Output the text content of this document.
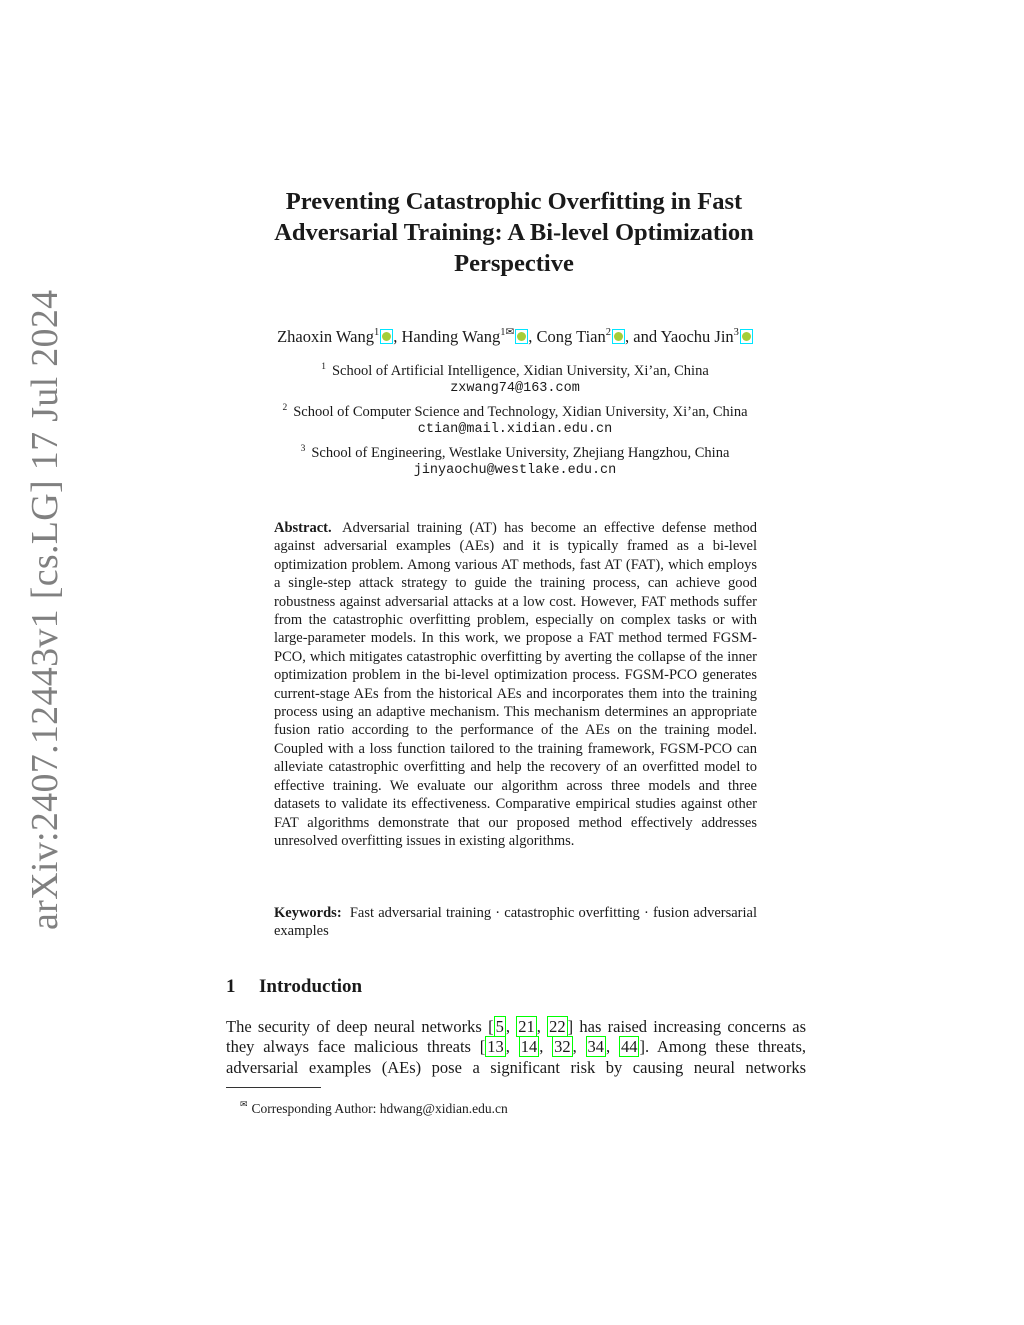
arXiv:2407.12443v1 [cs.LG] 17 Jul 2024
Preventing Catastrophic Overfitting in Fast
Adversarial Training: A Bi-level Optimization
Perspective
Zhaoxin Wang$^1$ , Handing Wang$^{1✉}$ , Cong Tian$^2$ , and Yaochu Jin$^3$
$^1$ School of Artificial Intelligence, Xidian University, Xi’an, China
zxwang74@163.com
$^2$ School of Computer Science and Technology, Xidian University, Xi’an, China
ctian@mail.xidian.edu.cn
$^3$ School of Engineering, Westlake University, Zhejiang Hangzhou, China
jinyaochu@westlake.edu.cn
Abstract. Adversarial training (AT) has become an effective defense method against adversarial examples (AEs) and it is typically framed as a bi-level optimization problem. Among various AT methods, fast AT (FAT), which employs a single-step attack strategy to guide the training process, can achieve good robustness against adversarial attacks at a low cost. However, FAT methods suffer from the catastrophic overfitting problem, especially on complex tasks or with large-parameter models. In this work, we propose a FAT method termed FGSM-PCO, which mitigates catastrophic overfitting by averting the collapse of the inner optimization problem in the bi-level optimization process. FGSM-PCO generates current-stage AEs from the historical AEs and incorporates them into the training process using an adaptive mechanism. This mechanism determines an appropriate fusion ratio according to the performance of the AEs on the training model. Coupled with a loss function tailored to the training framework, FGSM-PCO can alleviate catastrophic overfitting and help the recovery of an overfitted model to effective training. We evaluate our algorithm across three models and three datasets to validate its effectiveness. Comparative empirical studies against other FAT algorithms demonstrate that our proposed method effectively addresses unresolved overfitting issues in existing algorithms.
Keywords: Fast adversarial training · catastrophic overfitting · fusion adversarial examples
1 Introduction

The security of deep neural networks [ 5 , 21 , 22 ] has raised increasing concerns as they always face malicious threats [ 13 , 14 , 32 , 34 , 44 ]. Among these threats, adversarial examples (AEs) pose a significant risk by causing neural networks

✉ Corresponding Author: hdwang@xidian.edu.cn
